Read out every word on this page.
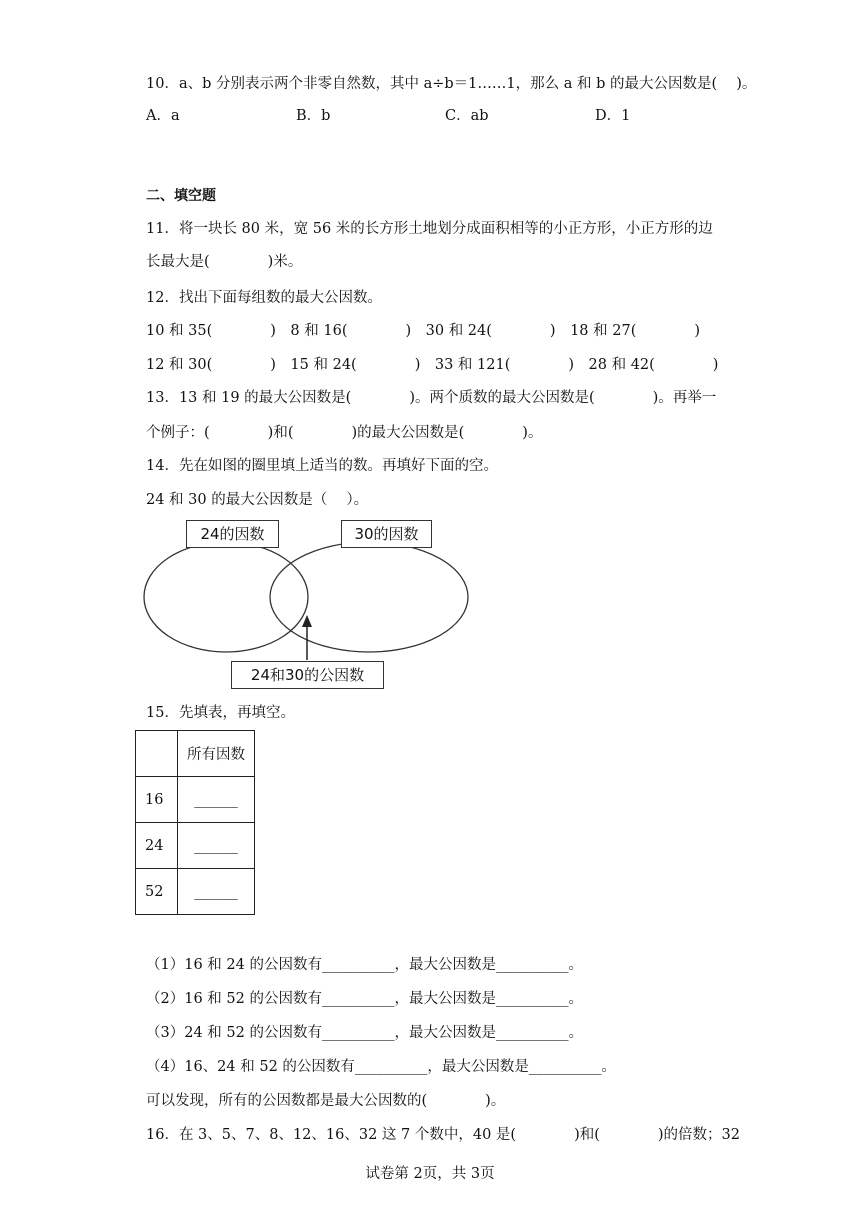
10．a、b 分别表示两个非零自然数，其中 a÷b＝1……1，那么 a 和 b 的最大公因数是(　 )。
A．a	B．b	C．ab	D．1
二、填空题
11．将一块长 80 米，宽 56 米的长方形土地划分成面积相等的小正方形，小正方形的边
长最大是(　　　　)米。
12．找出下面每组数的最大公因数。
10 和 35(　　　　)　8 和 16(　　　　)　30 和 24(　　　　)　18 和 27(　　　　)
12 和 30(　　　　)　15 和 24(　　　　)　33 和 121(　　　　)　28 和 42(　　　　)
13．13 和 19 的最大公因数是(　　　　)。两个质数的最大公因数是(　　　　)。再举一
个例子：(　　　　)和(　　　　)的最大公因数是(　　　　)。
14．先在如图的圈里填上适当的数。再填好下面的空。
24 和 30 的最大公因数是（　 ）。
24的因数	30的因数
24和30的公因数
15．先填表，再填空。
	所有因数
16	______
24	______
52	______
（1）16 和 24 的公因数有__________，最大公因数是__________。
（2）16 和 52 的公因数有__________，最大公因数是__________。
（3）24 和 52 的公因数有__________，最大公因数是__________。
（4）16、24 和 52 的公因数有__________，最大公因数是__________。
可以发现，所有的公因数都是最大公因数的(　　　　)。
16．在 3、5、7、8、12、16、32 这 7 个数中，40 是(　　　　)和(　　　　)的倍数；32
试卷第 2页，共 3页
